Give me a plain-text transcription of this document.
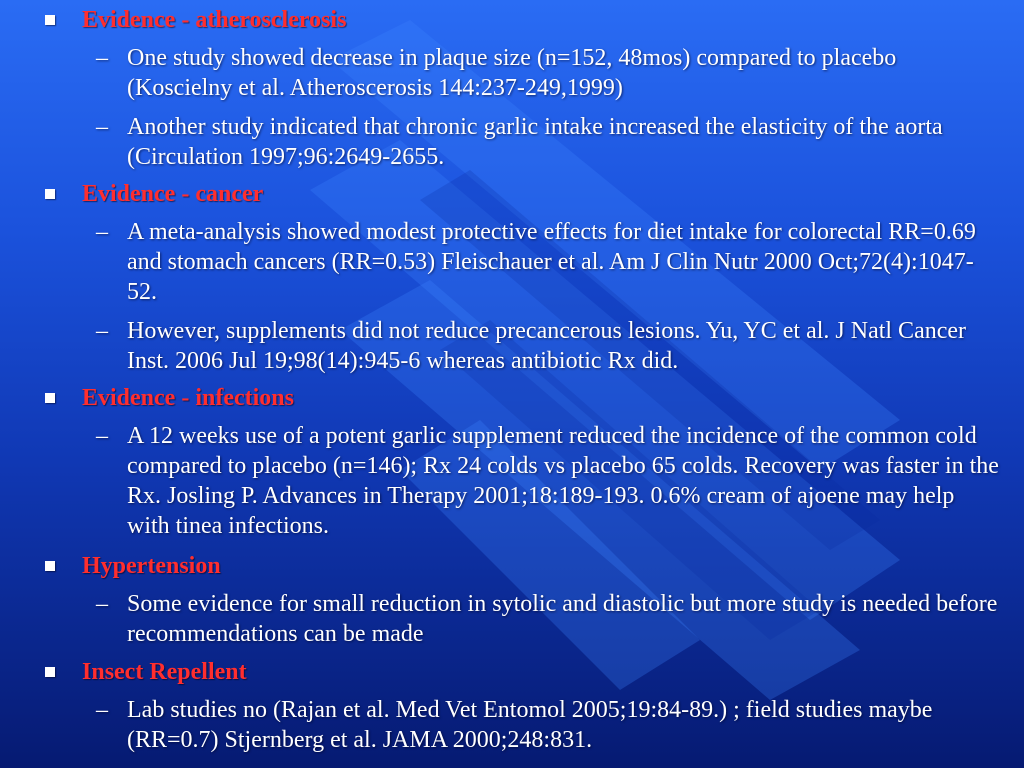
Evidence - atherosclerosis
– One study showed decrease in plaque size (n=152, 48mos) compared to placebo (Koscielny et al. Atheroscerosis 144:237-249,1999)
– Another study indicated that chronic garlic intake increased the elasticity of the aorta (Circulation 1997;96:2649-2655.
Evidence - cancer
– A meta-analysis showed modest protective effects for diet intake for colorectal RR=0.69 and stomach cancers (RR=0.53) Fleischauer et al. Am J Clin Nutr 2000 Oct;72(4):1047-52.
– However, supplements did not reduce precancerous lesions. Yu, YC et al. J Natl Cancer Inst. 2006 Jul 19;98(14):945-6 whereas antibiotic Rx did.
Evidence - infections
– A 12 weeks use of a potent garlic supplement reduced the incidence of the common cold compared to placebo (n=146); Rx 24 colds vs placebo 65 colds. Recovery was faster in the Rx. Josling P. Advances in Therapy 2001;18:189-193. 0.6% cream of ajoene may help with tinea infections.
Hypertension
– Some evidence for small reduction in sytolic and diastolic but more study is needed before recommendations can be made
Insect Repellent
– Lab studies no (Rajan et al. Med Vet Entomol 2005;19:84-89.) ; field studies maybe (RR=0.7) Stjernberg et al. JAMA 2000;248:831.
